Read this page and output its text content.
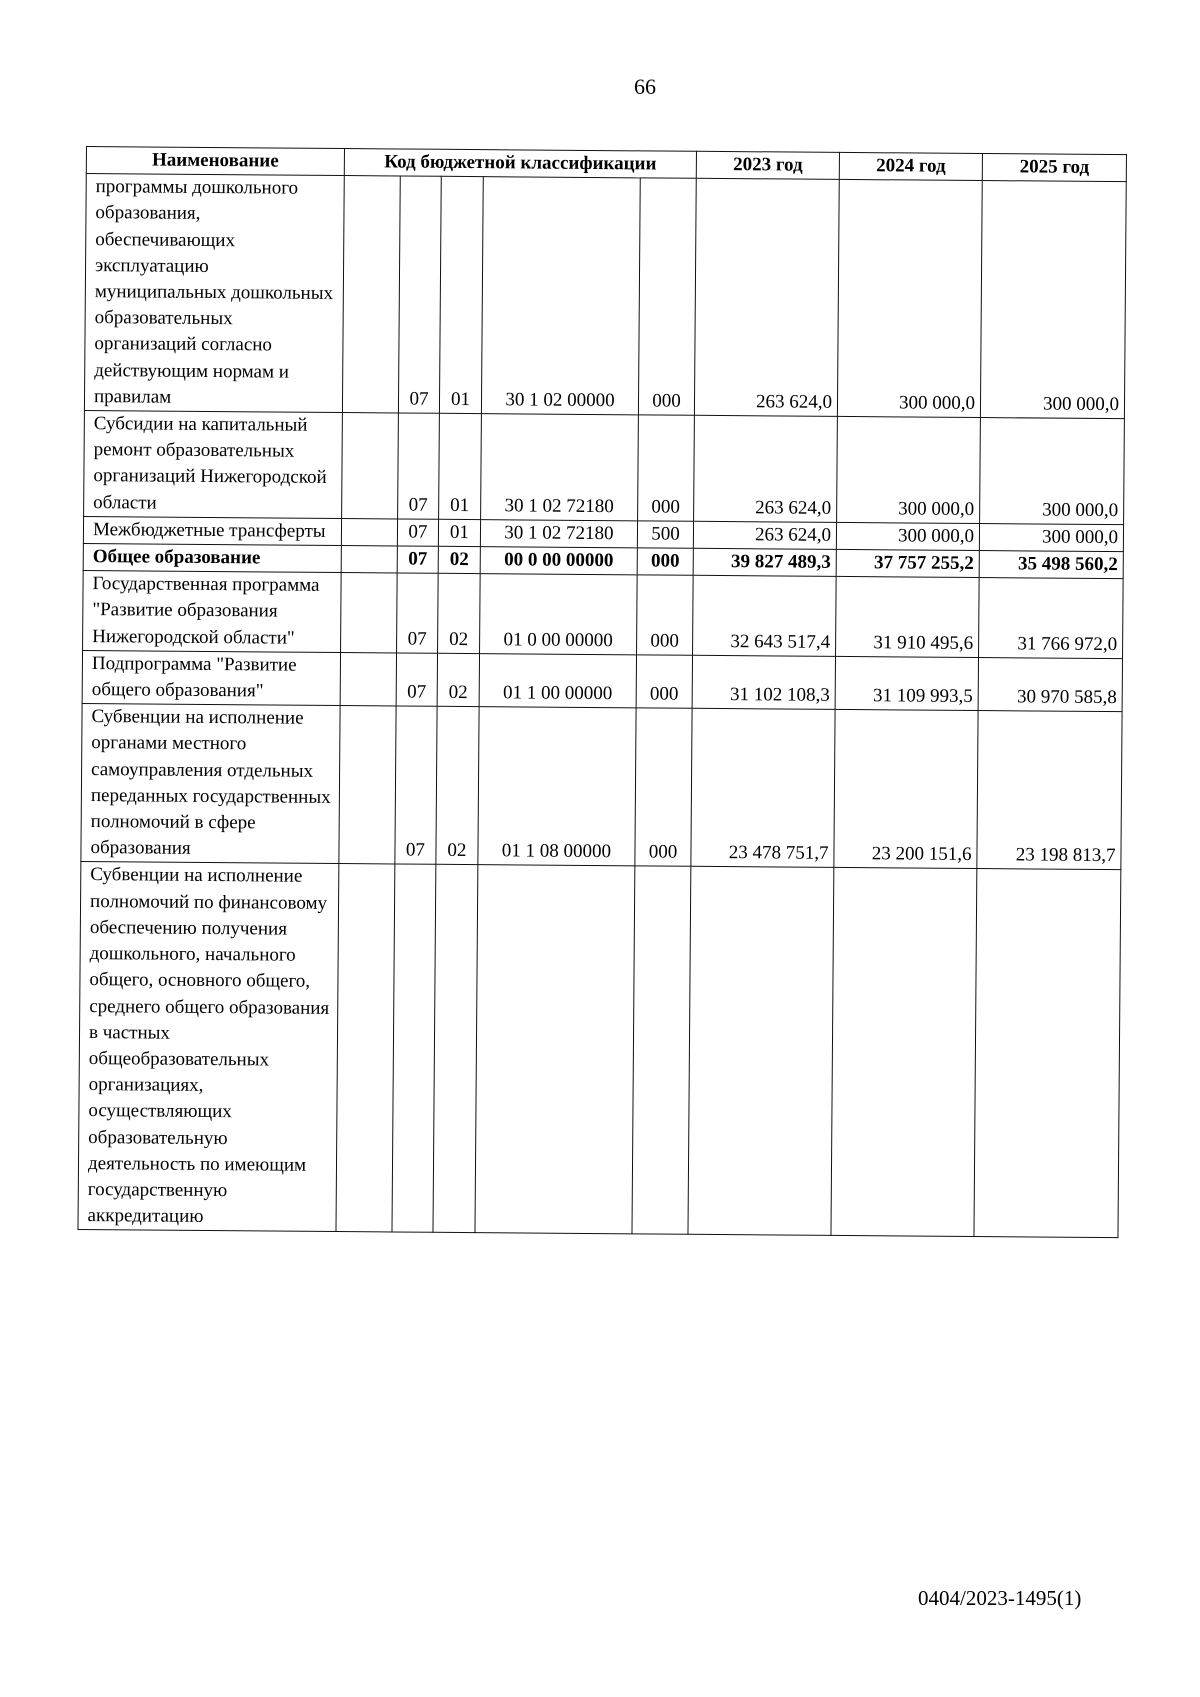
66
Наименование	Код бюджетной классификации					2023 год	2024 год	2025 год
программы дошкольного образования, обеспечивающих эксплуатацию муниципальных дошкольных образовательных организаций согласно действующим нормам и правилам		07	01	30 1 02 00000	000	263 624,0	300 000,0	300 000,0
Субсидии на капитальный ремонт образовательных организаций Нижегородской области		07	01	30 1 02 72180	000	263 624,0	300 000,0	300 000,0
Межбюджетные трансферты		07	01	30 1 02 72180	500	263 624,0	300 000,0	300 000,0
Общее образование		07	02	00 0 00 00000	000	39 827 489,3	37 757 255,2	35 498 560,2
Государственная программа "Развитие образования Нижегородской области"		07	02	01 0 00 00000	000	32 643 517,4	31 910 495,6	31 766 972,0
Подпрограмма "Развитие общего образования"		07	02	01 1 00 00000	000	31 102 108,3	31 109 993,5	30 970 585,8
Субвенции на исполнение органами местного самоуправления отдельных переданных государственных полномочий в сфере образования		07	02	01 1 08 00000	000	23 478 751,7	23 200 151,6	23 198 813,7
Субвенции на исполнение полномочий по финансовому обеспечению получения дошкольного, начального общего, основного общего, среднего общего образования в частных общеобразовательных организациях, осуществляющих образовательную деятельность по имеющим государственную аккредитацию								
0404/2023-1495(1)
